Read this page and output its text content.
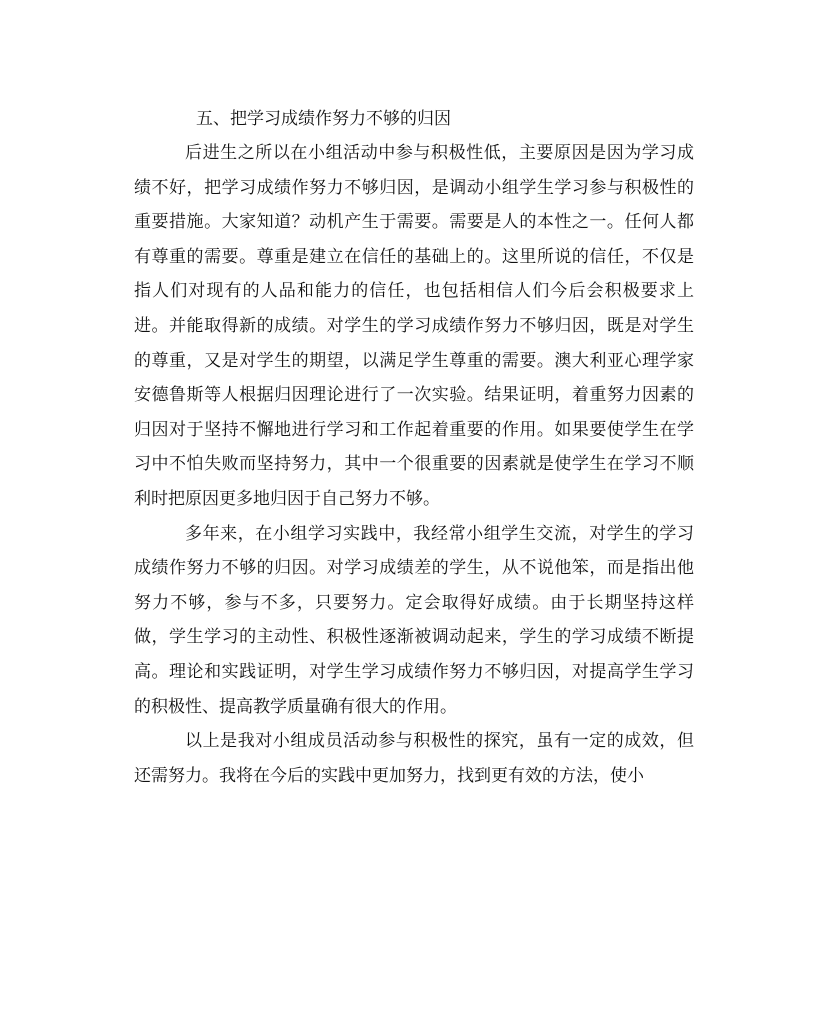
五、把学习成绩作努力不够的归因

后进生之所以在小组活动中参与积极性低，主要原因是因为学习成绩不好，把学习成绩作努力不够归因，是调动小组学生学习参与积极性的重要措施。大家知道？动机产生于需要。需要是人的本性之一。任何人都有尊重的需要。尊重是建立在信任的基础上的。这里所说的信任，不仅是指人们对现有的人品和能力的信任，也包括相信人们今后会积极要求上进。并能取得新的成绩。对学生的学习成绩作努力不够归因，既是对学生的尊重，又是对学生的期望，以满足学生尊重的需要。澳大利亚心理学家安德鲁斯等人根据归因理论进行了一次实验。结果证明，着重努力因素的归因对于坚持不懈地进行学习和工作起着重要的作用。如果要使学生在学习中不怕失败而坚持努力，其中一个很重要的因素就是使学生在学习不顺利时把原因更多地归因于自己努力不够。

多年来，在小组学习实践中，我经常小组学生交流，对学生的学习成绩作努力不够的归因。对学习成绩差的学生，从不说他笨，而是指出他努力不够，参与不多，只要努力。定会取得好成绩。由于长期坚持这样做，学生学习的主动性、积极性逐渐被调动起来，学生的学习成绩不断提高。理论和实践证明，对学生学习成绩作努力不够归因，对提高学生学习的积极性、提高教学质量确有很大的作用。

以上是我对小组成员活动参与积极性的探究，虽有一定的成效，但还需努力。我将在今后的实践中更加努力，找到更有效的方法，使小
